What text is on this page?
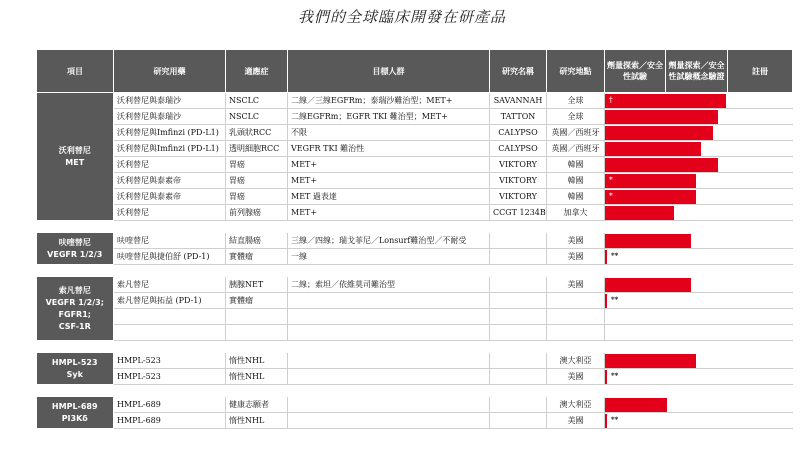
我們的全球臨床開發在研產品
項目	研究用藥	適應症	目標人群	研究名稱	研究地點	劑量探索／安全性試驗	劑量探索／安全性試驗概念驗證	註冊
沃利替尼
MET	沃利替尼與泰瑞沙	NSCLC	二線／三線EGFRm；泰瑞沙難治型；MET+	SAVANNAH	全球	†		

	沃利替尼與泰瑞沙	NSCLC	二線EGFRm；EGFR TKI 難治型；MET+	TATTON	全球		

	沃利替尼與Imfinzi (PD-L1)	乳頭狀RCC	不限	CALYPSO	英國／西班牙		

	沃利替尼與Imfinzi (PD-L1)	透明細胞RCC	VEGFR TKI 難治性	CALYPSO	英國／西班牙		

	沃利替尼	胃癌	MET+	VIKTORY	韓國		

	沃利替尼與泰素帝	胃癌	MET+	VIKTORY	韓國	*		

	沃利替尼與泰素帝	胃癌	MET 過表達	VIKTORY	韓國	*		

	沃利替尼	前列腺癌	MET+	CCGT 1234B	加拿大		

呋喹替尼
VEGFR 1/2/3	呋喹替尼	結直腸癌	三線／四線；瑞戈菲尼／Lonsurf難治型／不耐受		美國		

	呋喹替尼與捷伯舒 (PD-1)	實體瘤	一線		美國	**		

索凡替尼
VEGFR 1/2/3;
FGFR1;
CSF-1R	索凡替尼	胰腺NET	二線；索坦／依維莫司難治型		美國		

	索凡替尼與拓益 (PD-1)	實體瘤				**		

HMPL-523
Syk	HMPL-523	惰性NHL			澳大利亞		

	HMPL-523	惰性NHL			美國	**		

HMPL-689
PI3Kδ	HMPL-689	健康志願者			澳大利亞		

	HMPL-689	惰性NHL			美國	**		
